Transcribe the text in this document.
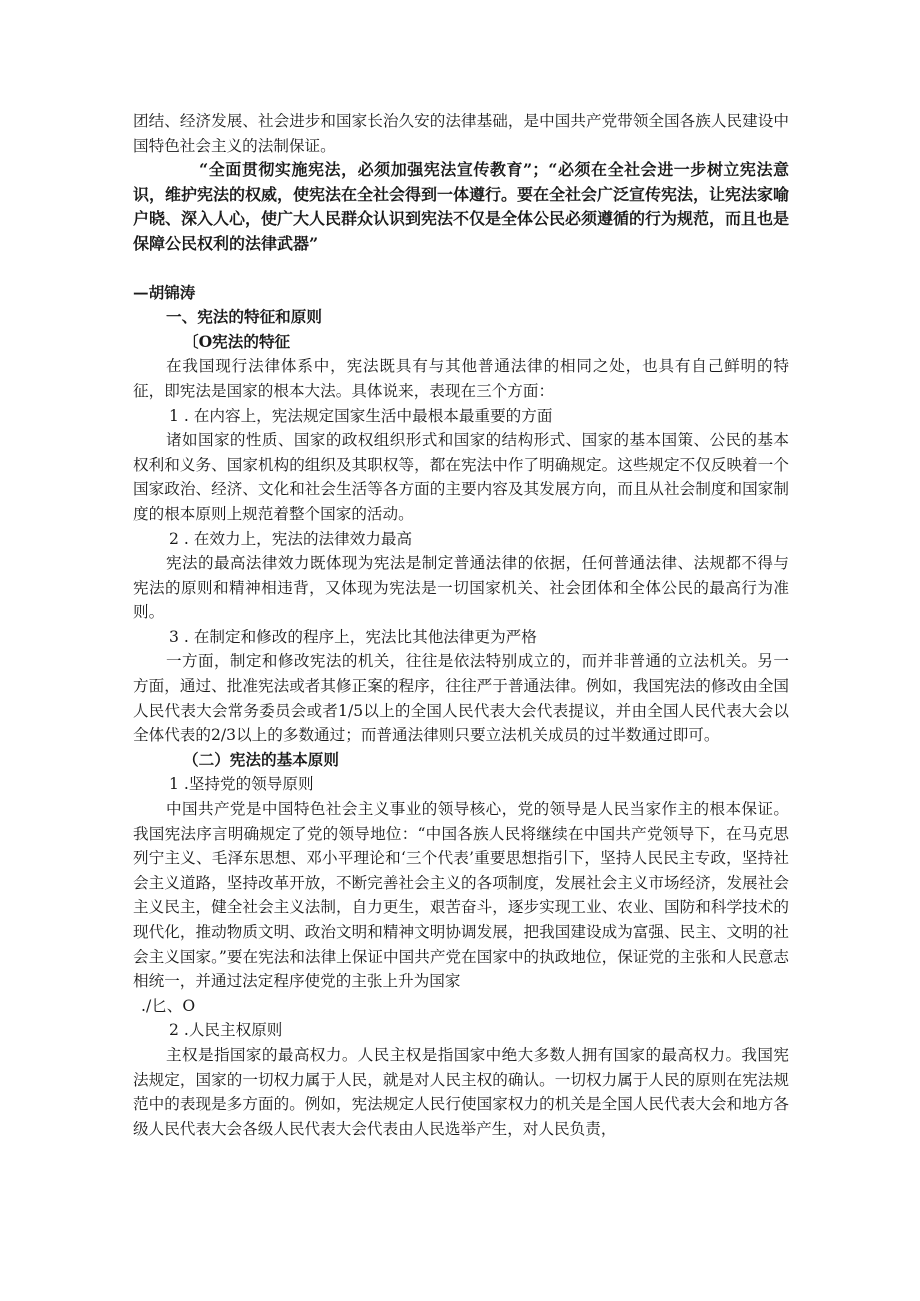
团结、经济发展、社会进步和国家长治久安的法律基础，是中国共产党带领全国各族人民建设中国特色社会主义的法制保证。

“全面贯彻实施宪法，必须加强宪法宣传教育”；“必须在全社会进一步树立宪法意识，维护宪法的权威，使宪法在全社会得到一体遵行。要在全社会广泛宣传宪法，让宪法家喻户晓、深入人心，使广大人民群众认识到宪法不仅是全体公民必须遵循的行为规范，而且也是保障公民权利的法律武器”

—胡锦涛

一、宪法的特征和原则

〔O宪法的特征

在我国现行法律体系中，宪法既具有与其他普通法律的相同之处，也具有自己鲜明的特征，即宪法是国家的根本大法。具体说来，表现在三个方面：

1 . 在内容上，宪法规定国家生活中最根本最重要的方面

诸如国家的性质、国家的政权组织形式和国家的结构形式、国家的基本国策、公民的基本权利和义务、国家机构的组织及其职权等，都在宪法中作了明确规定。这些规定不仅反映着一个国家政治、经济、文化和社会生活等各方面的主要内容及其发展方向，而且从社会制度和国家制度的根本原则上规范着整个国家的活动。

2 . 在效力上，宪法的法律效力最高

宪法的最高法律效力既体现为宪法是制定普通法律的依据，任何普通法律、法规都不得与宪法的原则和精神相违背，又体现为宪法是一切国家机关、社会团体和全体公民的最高行为准则。

3 . 在制定和修改的程序上，宪法比其他法律更为严格

一方面，制定和修改宪法的机关，往往是依法特别成立的，而并非普通的立法机关。另一方面，通过、批准宪法或者其修正案的程序，往往严于普通法律。例如，我国宪法的修改由全国人民代表大会常务委员会或者1/5以上的全国人民代表大会代表提议，并由全国人民代表大会以全体代表的2/3以上的多数通过；而普通法律则只要立法机关成员的过半数通过即可。

（二）宪法的基本原则

1 .坚持党的领导原则

中国共产党是中国特色社会主义事业的领导核心，党的领导是人民当家作主的根本保证。我国宪法序言明确规定了党的领导地位：“中国各族人民将继续在中国共产党领导下，在马克思列宁主义、毛泽东思想、邓小平理论和‘三个代表’重要思想指引下，坚持人民民主专政，坚持社会主义道路，坚持改革开放，不断完善社会主义的各项制度，发展社会主义市场经济，发展社会主义民主，健全社会主义法制，自力更生，艰苦奋斗，逐步实现工业、农业、国防和科学技术的现代化，推动物质文明、政治文明和精神文明协调发展，把我国建设成为富强、民主、文明的社会主义国家。”要在宪法和法律上保证中国共产党在国家中的执政地位，保证党的主张和人民意志相统一，并通过法定程序使党的主张上升为国家

./匕、O

2 .人民主权原则

主权是指国家的最高权力。人民主权是指国家中绝大多数人拥有国家的最高权力。我国宪法规定，国家的一切权力属于人民，就是对人民主权的确认。一切权力属于人民的原则在宪法规范中的表现是多方面的。例如，宪法规定人民行使国家权力的机关是全国人民代表大会和地方各级人民代表大会各级人民代表大会代表由人民选举产生，对人民负责，
